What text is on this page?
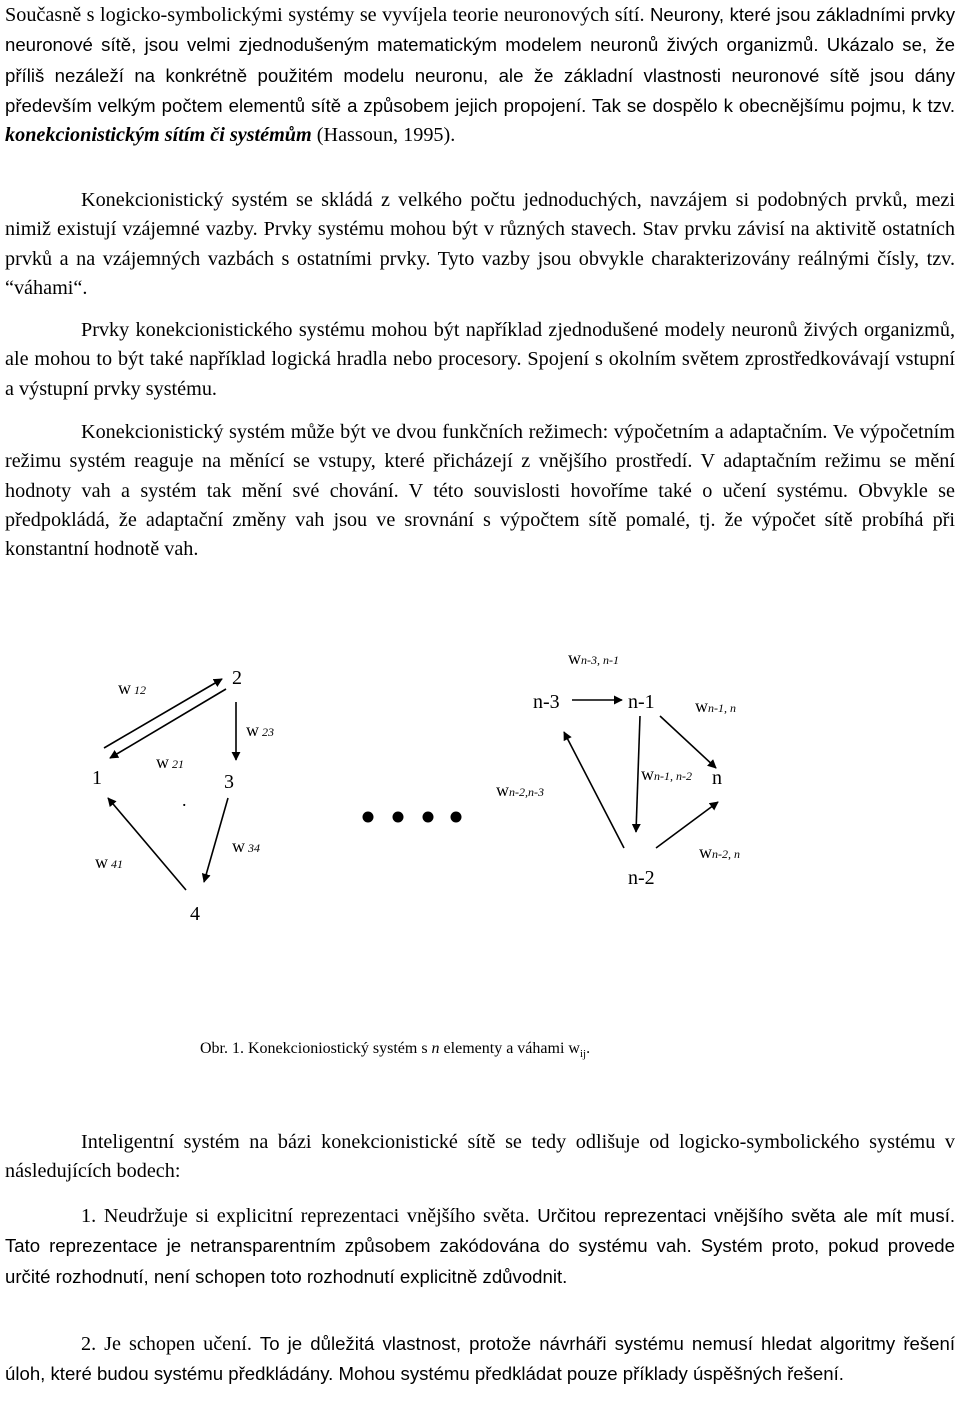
Současně s logicko-symbolickými systémy se vyvíjela teorie neuronových sítí. Neurony, které jsou základními prvky neuronové sítě, jsou velmi zjednodušeným matematickým modelem neuronů živých organizmů. Ukázalo se, že příliš nezáleží na konkrétně použitém modelu neuronu, ale že základní vlastnosti neuronové sítě jsou dány především velkým počtem elementů sítě a způsobem jejich propojení. Tak se dospělo k obecnějšímu pojmu, k tzv. konekcionistickým sítím či systémům (Hassoun, 1995).

Konekcionistický systém se skládá z velkého počtu jednoduchých, navzájem si podobných prvků, mezi nimiž existují vzájemné vazby. Prvky systému mohou být v různých stavech. Stav prvku závisí na aktivitě ostatních prvků a na vzájemných vazbách s ostatními prvky. Tyto vazby jsou obvykle charakterizovány reálnými čísly, tzv. “váhami“.

Prvky konekcionistického systému mohou být například zjednodušené modely neuronů živých organizmů, ale mohou to být také například logická hradla nebo procesory. Spojení s okolním světem zprostředkovávají vstupní a výstupní prvky systému.

Konekcionistický systém může být ve dvou funkčních režimech: výpočetním a adaptačním. Ve výpočetním režimu systém reaguje na měnící se vstupy, které přicházejí z vnějšího prostředí. V adaptačním režimu se mění hodnoty vah a systém tak mění své chování. V této souvislosti hovoříme také o učení systému. Obvykle se předpokládá, že adaptační změny vah jsou ve srovnání s výpočtem sítě pomalé, tj. že výpočet sítě probíhá při konstantní hodnotě vah.

1
2
3
4
n-3	n-1
n
n-2
w 12
w 21
.
w 23
w 34
w 41
wn-3, n-1
wn-1, n
wn-1, n-2
wn-2,n-3
wn-2, n
Obr. 1. Konekcioniostický systém s n elementy a váhami $w_{ij}$.

Inteligentní systém na bázi konekcionistické sítě se tedy odlišuje od logicko-symbolického systému v následujících bodech:

1. Neudržuje si explicitní reprezentaci vnějšího světa. Určitou reprezentaci vnějšího světa ale mít musí. Tato reprezentace je netransparentním způsobem zakódována do systému vah. Systém proto, pokud provede určité rozhodnutí, není schopen toto rozhodnutí explicitně zdůvodnit.

2. Je schopen učení. To je důležitá vlastnost, protože návrháři systému nemusí hledat algoritmy řešení úloh, které budou systému předkládány. Mohou systému předkládat pouze příklady úspěšných řešení.
